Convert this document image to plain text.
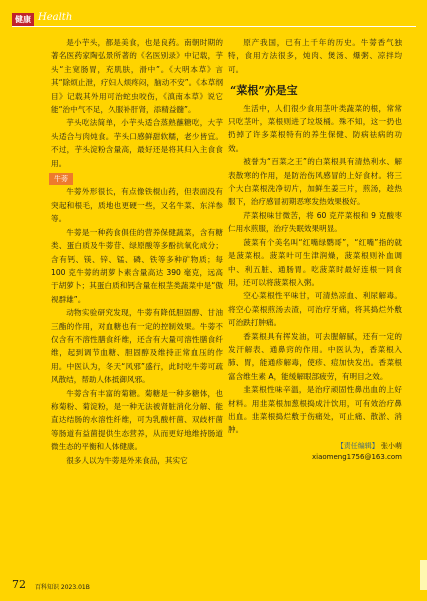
健康 Health

是小芋头，都是美食，也是良药。南朝时期的著名医药家陶弘景所著的《名医别录》中记载，芋头“主宽肠胃，充肌肤，滑中”。《大明本草》言其“除烦止泄，疗妇人烦疼闷，脑动不安”。《本草纲目》记载其外用可治蛇虫咬伤，《滇南本草》说它能“治中气不足，久服补肝肾，添精益髓”。

芋头吃法简单，小芋头适合蒸熟蘸糖吃，大芋头适合与肉炖食。芋头口感鲜甜软糯，老少皆宜。不过，芋头淀粉含量高，最好还是将其归入主食食用。

牛蒡

牛蒡外形很长，有点像铁棍山药，但表面没有突起和根毛，质地也更硬一些，又名牛菜、东洋参等。

牛蒡是一种药食俱佳的营养保健蔬菜，含有糖类、蛋白质及牛蒡苷、绿原酸等多酚抗氧化成分；含有钙、镁、锌、锰、磷、铁等多种矿物质；每 100 克牛蒡的胡萝卜素含量高达 390 毫克，远高于胡萝卜；其蛋白质和钙含量在根茎类蔬菜中是“傲视群雄”。

动物实验研究发现，牛蒡有降低胆固醇、甘油三酯的作用，对血糖也有一定的控制效果。牛蒡不仅含有不溶性膳食纤维，还含有大量可溶性膳食纤维，起到调节血糖、胆固醇及维持正常血压的作用。中医认为，冬天“风邪”盛行，此时吃牛蒡可疏风散结，帮助人体抵御风邪。

牛蒡含有丰富的菊糖。菊糖是一种多糖体，也称菊粉、菊淀粉，是一种无法被肾脏消化分解、能直达结肠的水溶性纤维，可为乳酸杆菌、双歧杆菌等肠道有益菌提供生态营养，从而更好地维持肠道微生态的平衡和人体健康。

很多人以为牛蒡是外来食品，其实它

原产我国，已有上千年的历史。牛蒡香气独特，食用方法很多，炖肉、煲汤、爆粥、凉拌均可。

“菜根”亦是宝

生活中，人们很少食用茎叶类蔬菜的根，常常只吃茎叶，菜根则进了垃圾桶。殊不知，这一扔也扔掉了许多菜根特有的养生保健、防病祛病的功效。

被誉为“百菜之王”的白菜根具有清热利水、解表散寒的作用，是防治伤风感冒的上好食材。将三个大白菜根洗净切片，加鲜生姜三片，煎汤，趁热服下，治疗感冒初期恶寒发热效果极好。

芹菜根味甘微苦，将 60 克芹菜根和 9 克酸枣仁用水煎服，治疗失眠效果明显。

菠菜有个美名叫“红嘴绿鹦哥”，“红嘴”指的就是菠菜根。菠菜叶可生津润燥，菠菜根则补血调中、利五脏、通肠胃。吃菠菜时最好连根一同食用，还可以将菠菜根入粥。

空心菜根性平味甘，可清热凉血、利尿解毒。将空心菜根煎汤去渣，可治疗牙痛，将其捣烂外敷可治跌打肿痛。

香菜根具有挥发油，可去腥解腻，还有一定的发汗解表、通鼻窍的作用。中医认为，香菜根入肺、胃，能通疹解毒，使疹、痘加快发出。香菜根富含维生素 A，能缓解眼部疲劳，有明目之效。

韭菜根性味辛温，是治疗顽固性鼻出血的上好材料。用韭菜根加葱根捣成汁饮用，可有效治疗鼻出血。韭菜根捣烂敷于伤痛处，可止痛、散淤、消肿。

【责任编辑】 张小萌
xiaomeng1756@163.com
72 百科知识 2023.01B
